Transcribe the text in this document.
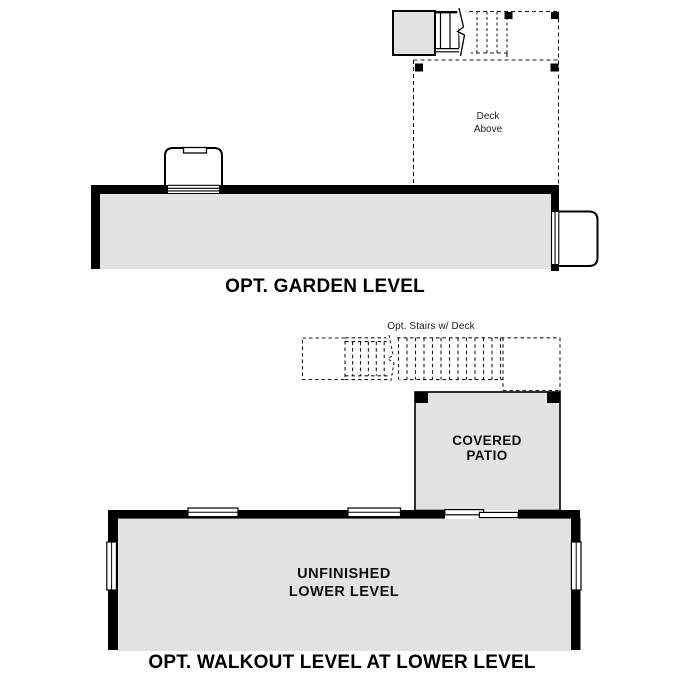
Deck
Above
OPT. GARDEN LEVEL
Opt. Stairs w/ Deck
COVERED
PATIO
UNFINISHED
LOWER LEVEL
OPT. WALKOUT LEVEL AT LOWER LEVEL
